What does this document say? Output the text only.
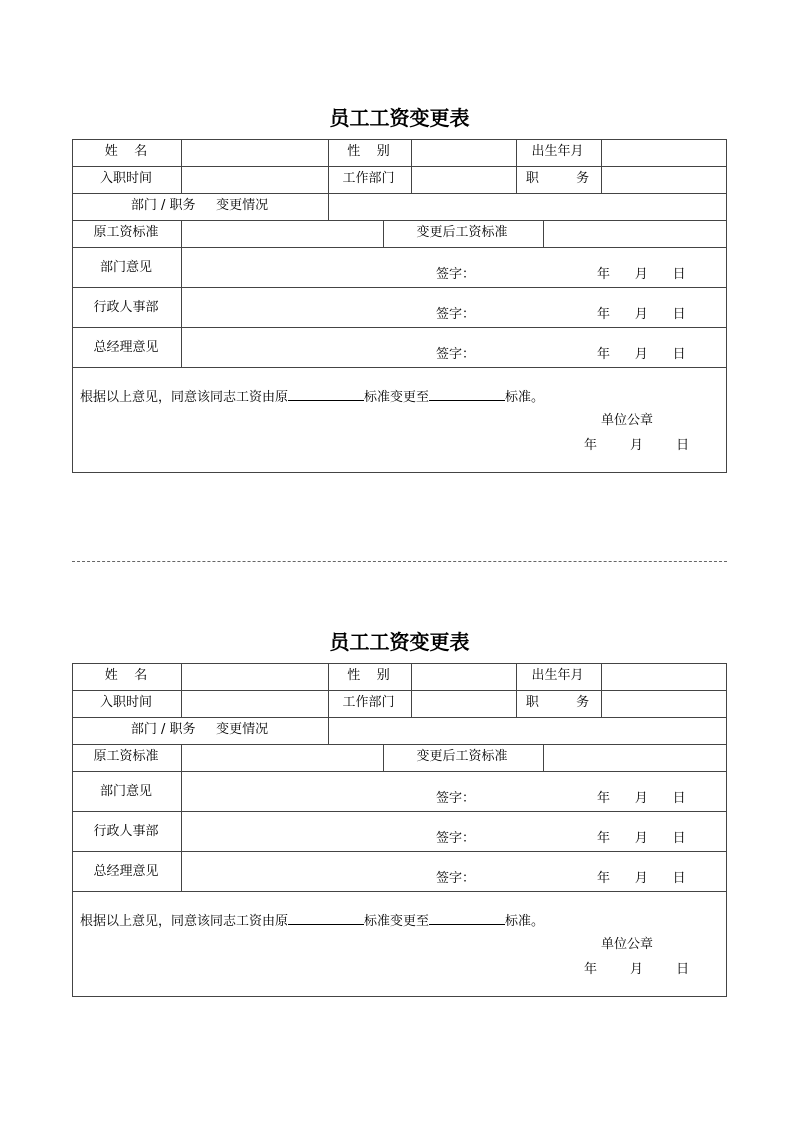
员工工资变更表
姓    名	性    别	出生年月
入职时间	工作部门	职         务
部门 / 职务     变更情况
原工资标准	变更后工资标准
部门意见	签字：	年      月      日
行政人事部	签字：	年      月      日
总经理意见	签字：	年      月      日
根据以上意见，同意该同志工资由原	标准变更至	标准。
单位公章
年        月        日
员工工资变更表
姓    名	性    别	出生年月
入职时间	工作部门	职         务
部门 / 职务     变更情况
原工资标准	变更后工资标准
部门意见	签字：	年      月      日
行政人事部	签字：	年      月      日
总经理意见	签字：	年      月      日
根据以上意见，同意该同志工资由原	标准变更至	标准。
单位公章
年        月        日
